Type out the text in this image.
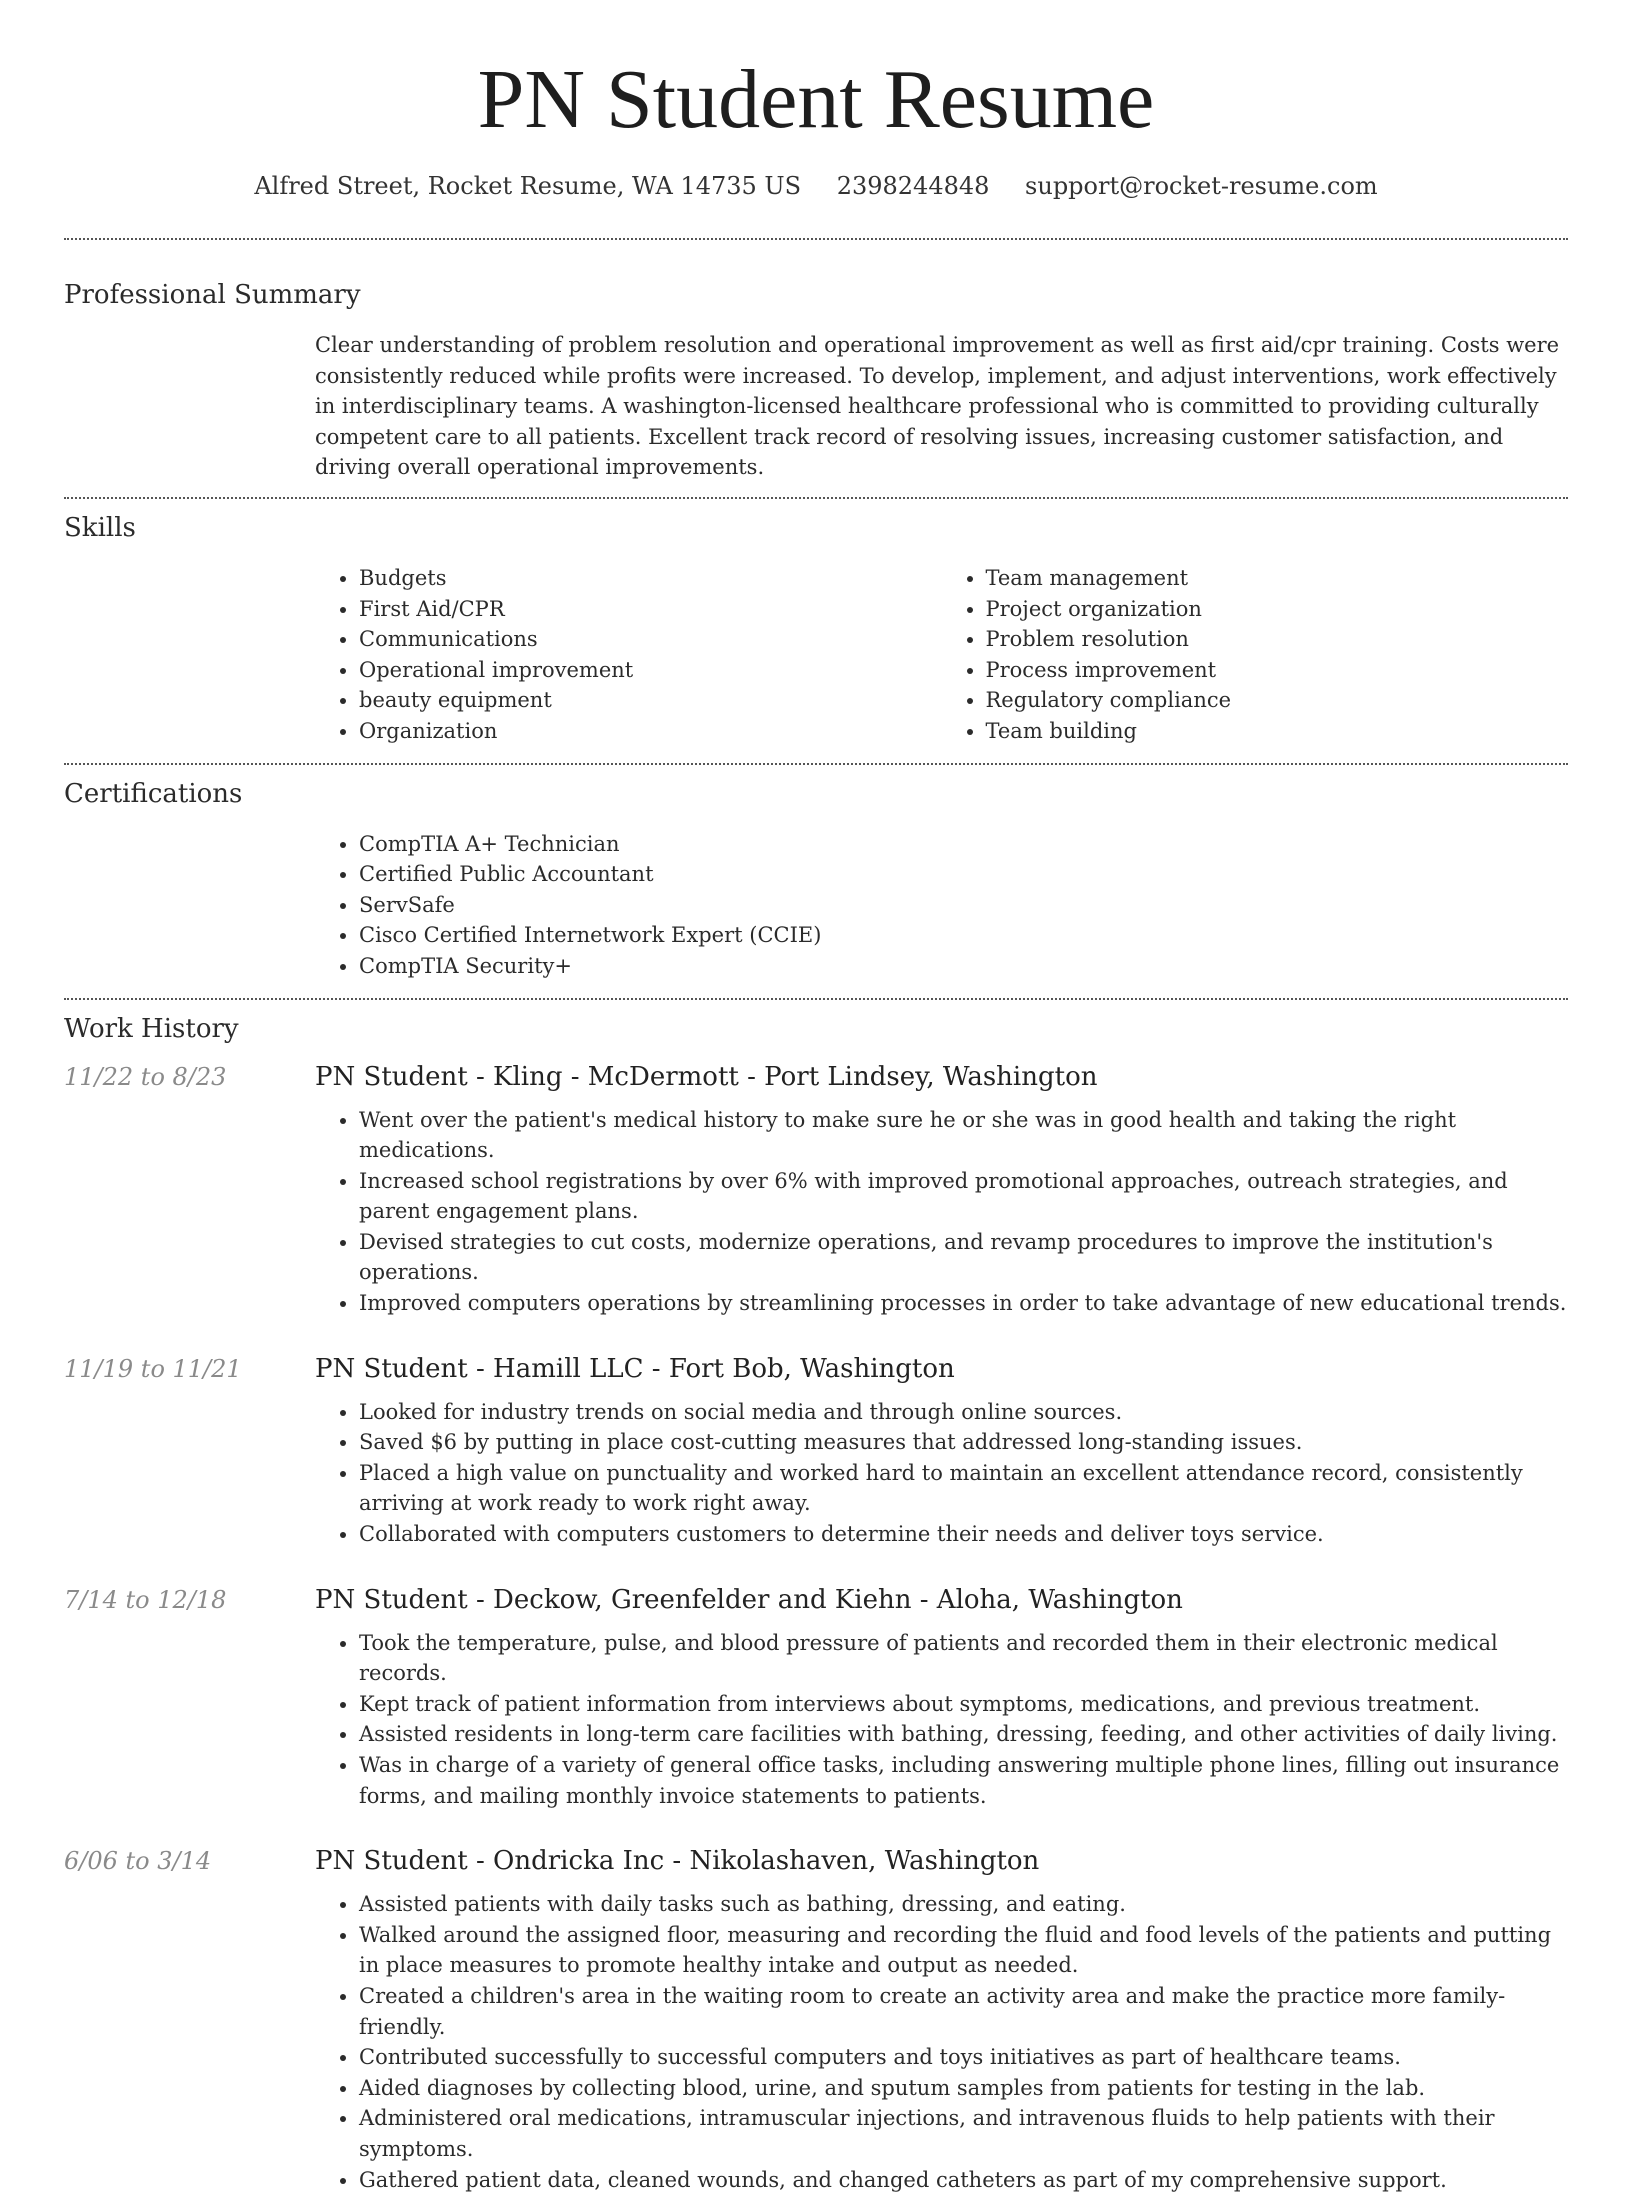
PN Student Resume
Alfred Street, Rocket Resume, WA 14735 US 2398244848 support@rocket-resume.com
Professional Summary
Clear understanding of problem resolution and operational improvement as well as first aid/cpr training. Costs were consistently reduced while profits were increased. To develop, implement, and adjust interventions, work effectively in interdisciplinary teams. A washington-licensed healthcare professional who is committed to providing culturally competent care to all patients. Excellent track record of resolving issues, increasing customer satisfaction, and driving overall operational improvements.
Skills
• Budgets
• First Aid/CPR
• Communications
• Operational improvement
• beauty equipment
• Organization
• Team management
• Project organization
• Problem resolution
• Process improvement
• Regulatory compliance
• Team building
Certifications
• CompTIA A+ Technician
• Certified Public Accountant
• ServSafe
• Cisco Certified Internetwork Expert (CCIE)
• CompTIA Security+
Work History
11/22 to 8/23	PN Student - Kling - McDermott - Port Lindsey, Washington
• Went over the patient's medical history to make sure he or she was in good health and taking the right medications.
• Increased school registrations by over 6% with improved promotional approaches, outreach strategies, and parent engagement plans.
• Devised strategies to cut costs, modernize operations, and revamp procedures to improve the institution's operations.
• Improved computers operations by streamlining processes in order to take advantage of new educational trends.
11/19 to 11/21	PN Student - Hamill LLC - Fort Bob, Washington
• Looked for industry trends on social media and through online sources.
• Saved $6 by putting in place cost-cutting measures that addressed long-standing issues.
• Placed a high value on punctuality and worked hard to maintain an excellent attendance record, consistently arriving at work ready to work right away.
• Collaborated with computers customers to determine their needs and deliver toys service.
7/14 to 12/18	PN Student - Deckow, Greenfelder and Kiehn - Aloha, Washington
• Took the temperature, pulse, and blood pressure of patients and recorded them in their electronic medical records.
• Kept track of patient information from interviews about symptoms, medications, and previous treatment.
• Assisted residents in long-term care facilities with bathing, dressing, feeding, and other activities of daily living.
• Was in charge of a variety of general office tasks, including answering multiple phone lines, filling out insurance forms, and mailing monthly invoice statements to patients.
6/06 to 3/14	PN Student - Ondricka Inc - Nikolashaven, Washington
• Assisted patients with daily tasks such as bathing, dressing, and eating.
• Walked around the assigned floor, measuring and recording the fluid and food levels of the patients and putting in place measures to promote healthy intake and output as needed.
• Created a children's area in the waiting room to create an activity area and make the practice more family-friendly.
• Contributed successfully to successful computers and toys initiatives as part of healthcare teams.
• Aided diagnoses by collecting blood, urine, and sputum samples from patients for testing in the lab.
• Administered oral medications, intramuscular injections, and intravenous fluids to help patients with their symptoms.
• Gathered patient data, cleaned wounds, and changed catheters as part of my comprehensive support.
